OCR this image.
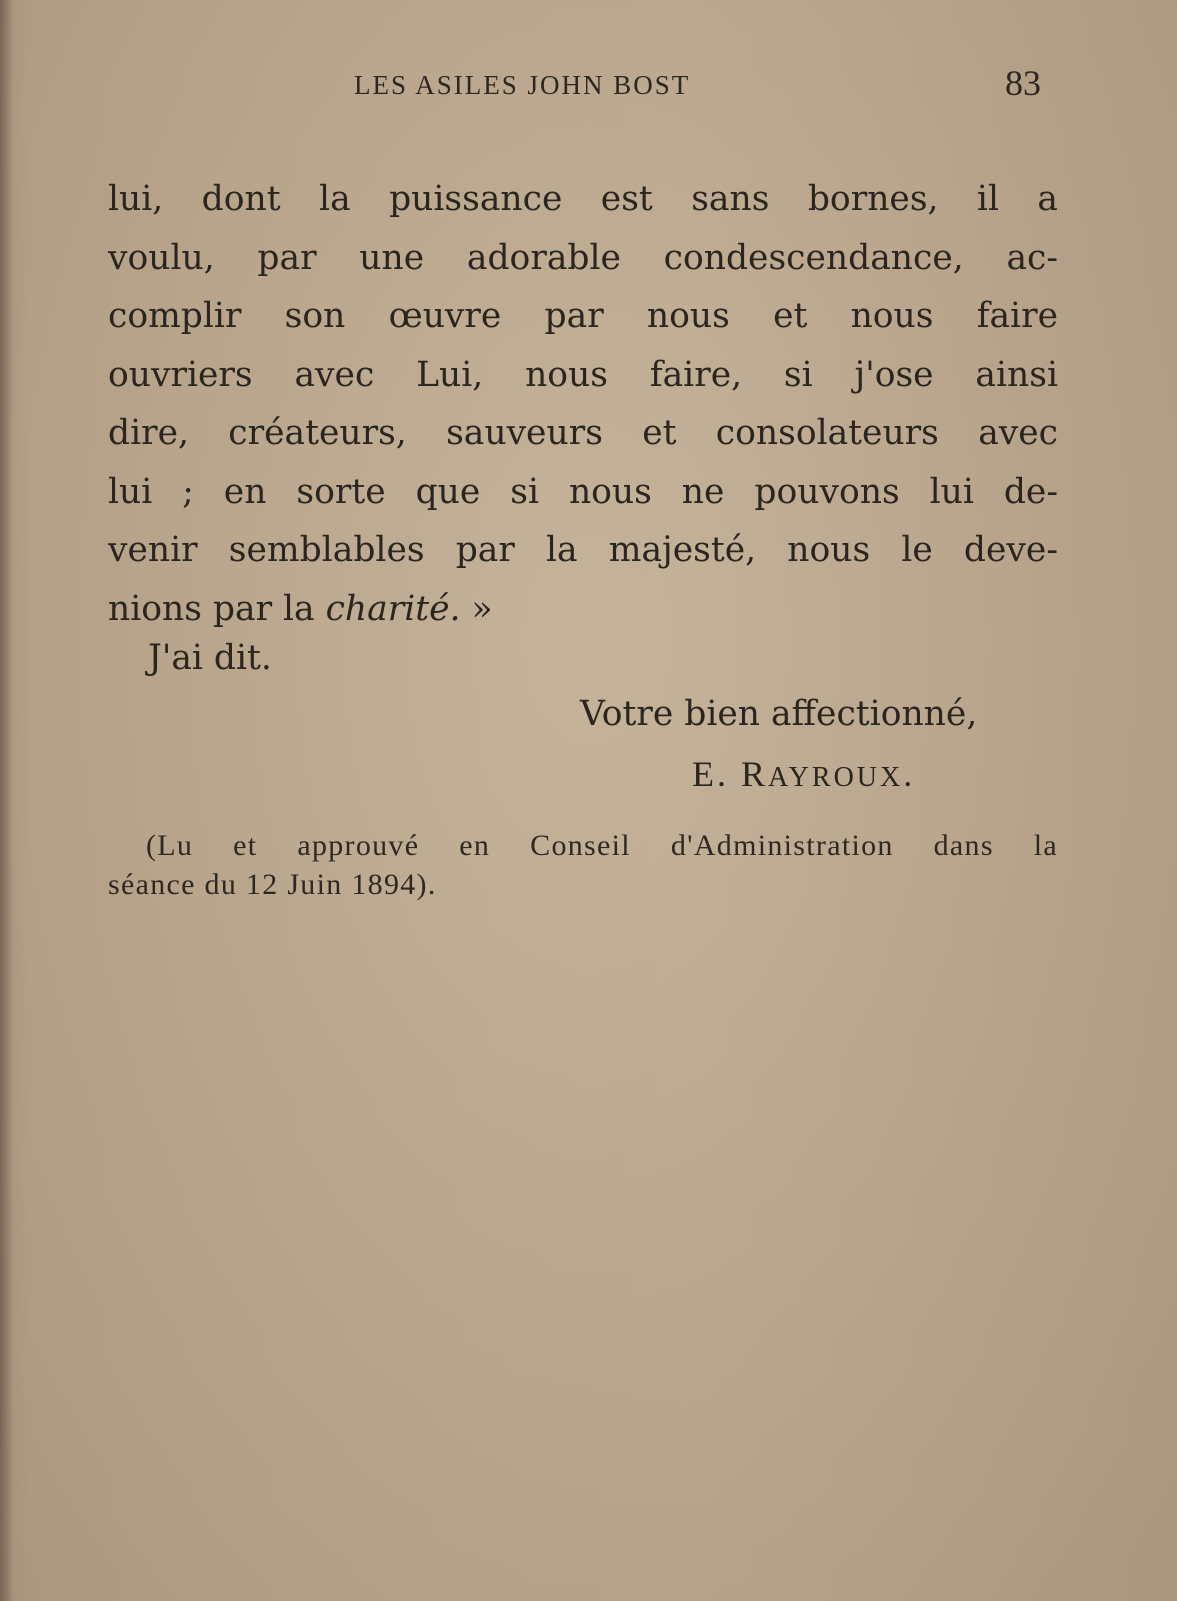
LES ASILES JOHN BOST	83
lui, dont la puissance est sans bornes, il a
voulu, par une adorable condescendance, ac-
complir son œuvre par nous et nous faire
ouvriers avec Lui, nous faire, si j'ose ainsi
dire, créateurs, sauveurs et consolateurs avec
lui ; en sorte que si nous ne pouvons lui de-
venir semblables par la majesté, nous le deve-
nions par la charité. »
J'ai dit.
Votre bien affectionné,
E. RAYROUX.
(Lu et approuvé en Conseil d'Administration dans la
séance du 12 Juin 1894).
